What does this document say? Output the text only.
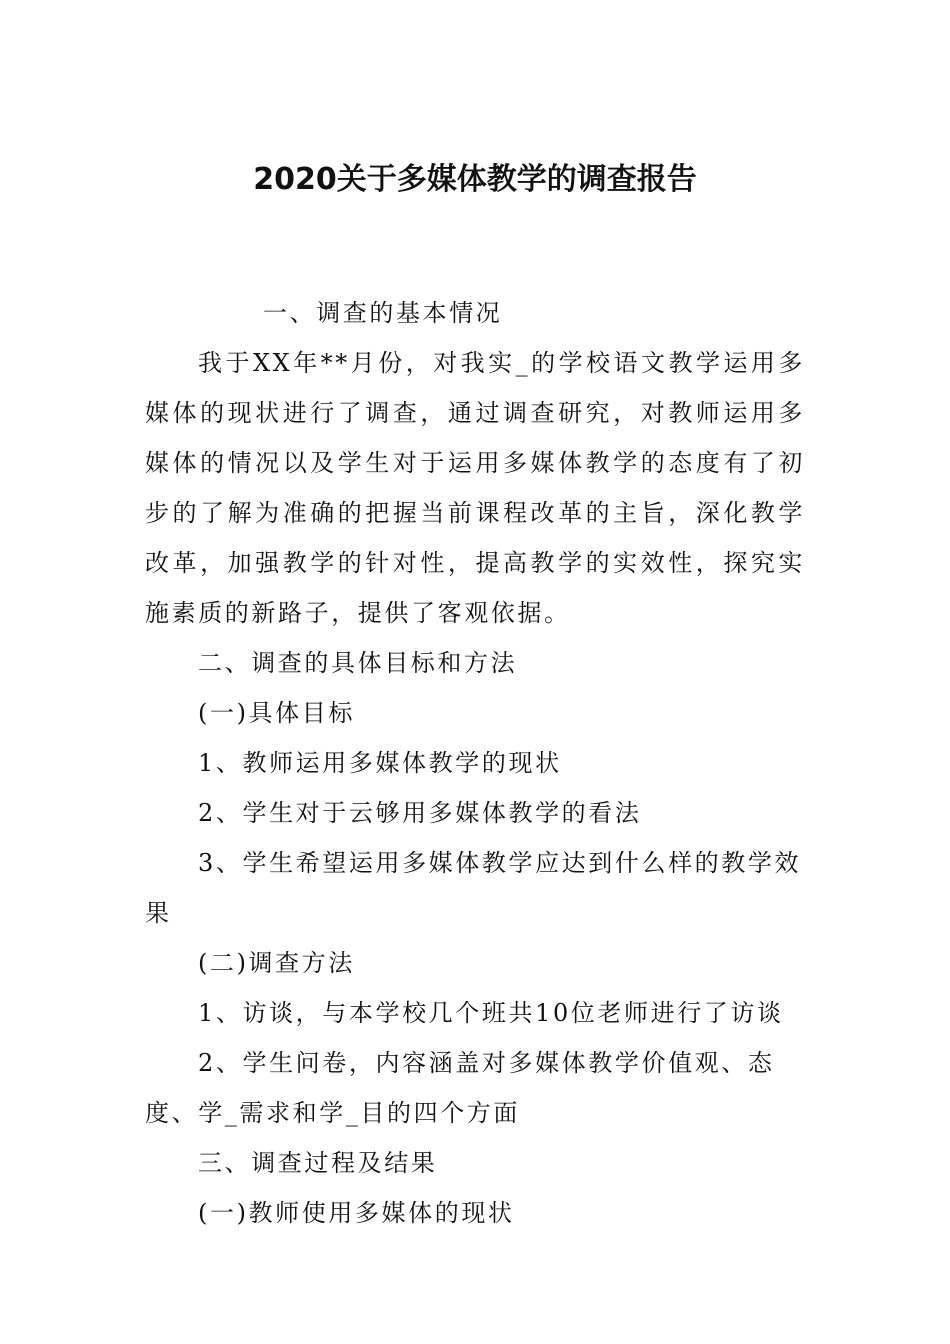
2020关于多媒体教学的调查报告

一、调查的基本情况

我于XX年**月份，对我实_的学校语文教学运用多媒体的现状进行了调查，通过调查研究，对教师运用多媒体的情况以及学生对于运用多媒体教学的态度有了初步的了解为准确的把握当前课程改革的主旨，深化教学改革，加强教学的针对性，提高教学的实效性，探究实施素质的新路子，提供了客观依据。

二、调查的具体目标和方法

(一)具体目标

1、教师运用多媒体教学的现状

2、学生对于云够用多媒体教学的看法

3、学生希望运用多媒体教学应达到什么样的教学效果

(二)调查方法

1、访谈，与本学校几个班共10位老师进行了访谈

2、学生问卷，内容涵盖对多媒体教学价值观、态度、学_需求和学_目的四个方面

三、调查过程及结果

(一)教师使用多媒体的现状
